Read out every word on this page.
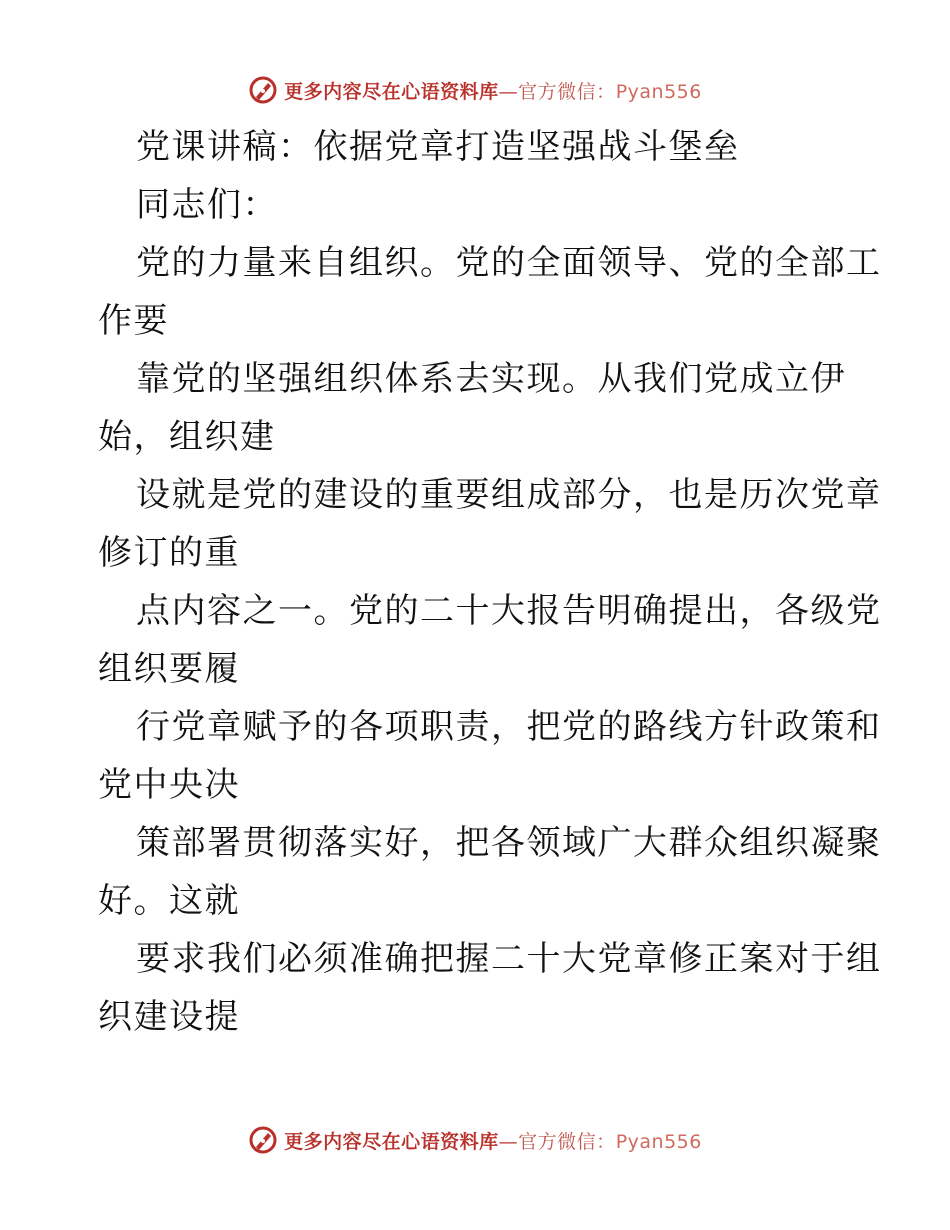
更多内容尽在心语资料库—官方微信：Pyan556
党课讲稿：依据党章打造坚强战斗堡垒
同志们：
党的力量来自组织。党的全面领导、党的全部工
作要
靠党的坚强组织体系去实现。从我们党成立伊
始，组织建
设就是党的建设的重要组成部分，也是历次党章
修订的重
点内容之一。党的二十大报告明确提出，各级党
组织要履
行党章赋予的各项职责，把党的路线方针政策和
党中央决
策部署贯彻落实好，把各领域广大群众组织凝聚
好。这就
要求我们必须准确把握二十大党章修正案对于组
织建设提
更多内容尽在心语资料库—官方微信：Pyan556
